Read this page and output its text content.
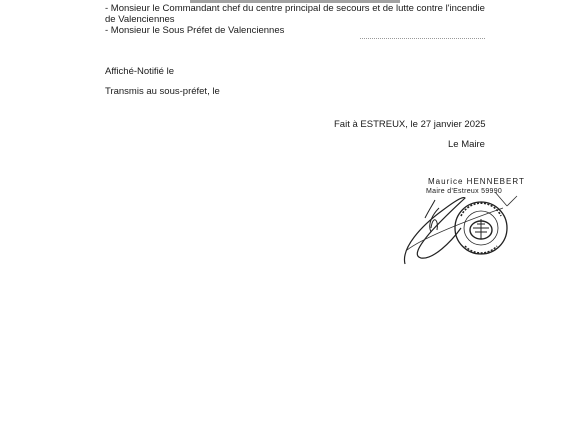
- Monsieur le Commandant chef du centre principal de secours et de lutte contre l'incendie
de Valenciennes
- Monsieur le Sous Préfet de Valenciennes
Affiché-Notifié le
Transmis au sous-préfet, le
Fait à ESTREUX, le 27 janvier 2025
Le Maire
Maurice HENNEBERT
Maire d'Estreux 59990
